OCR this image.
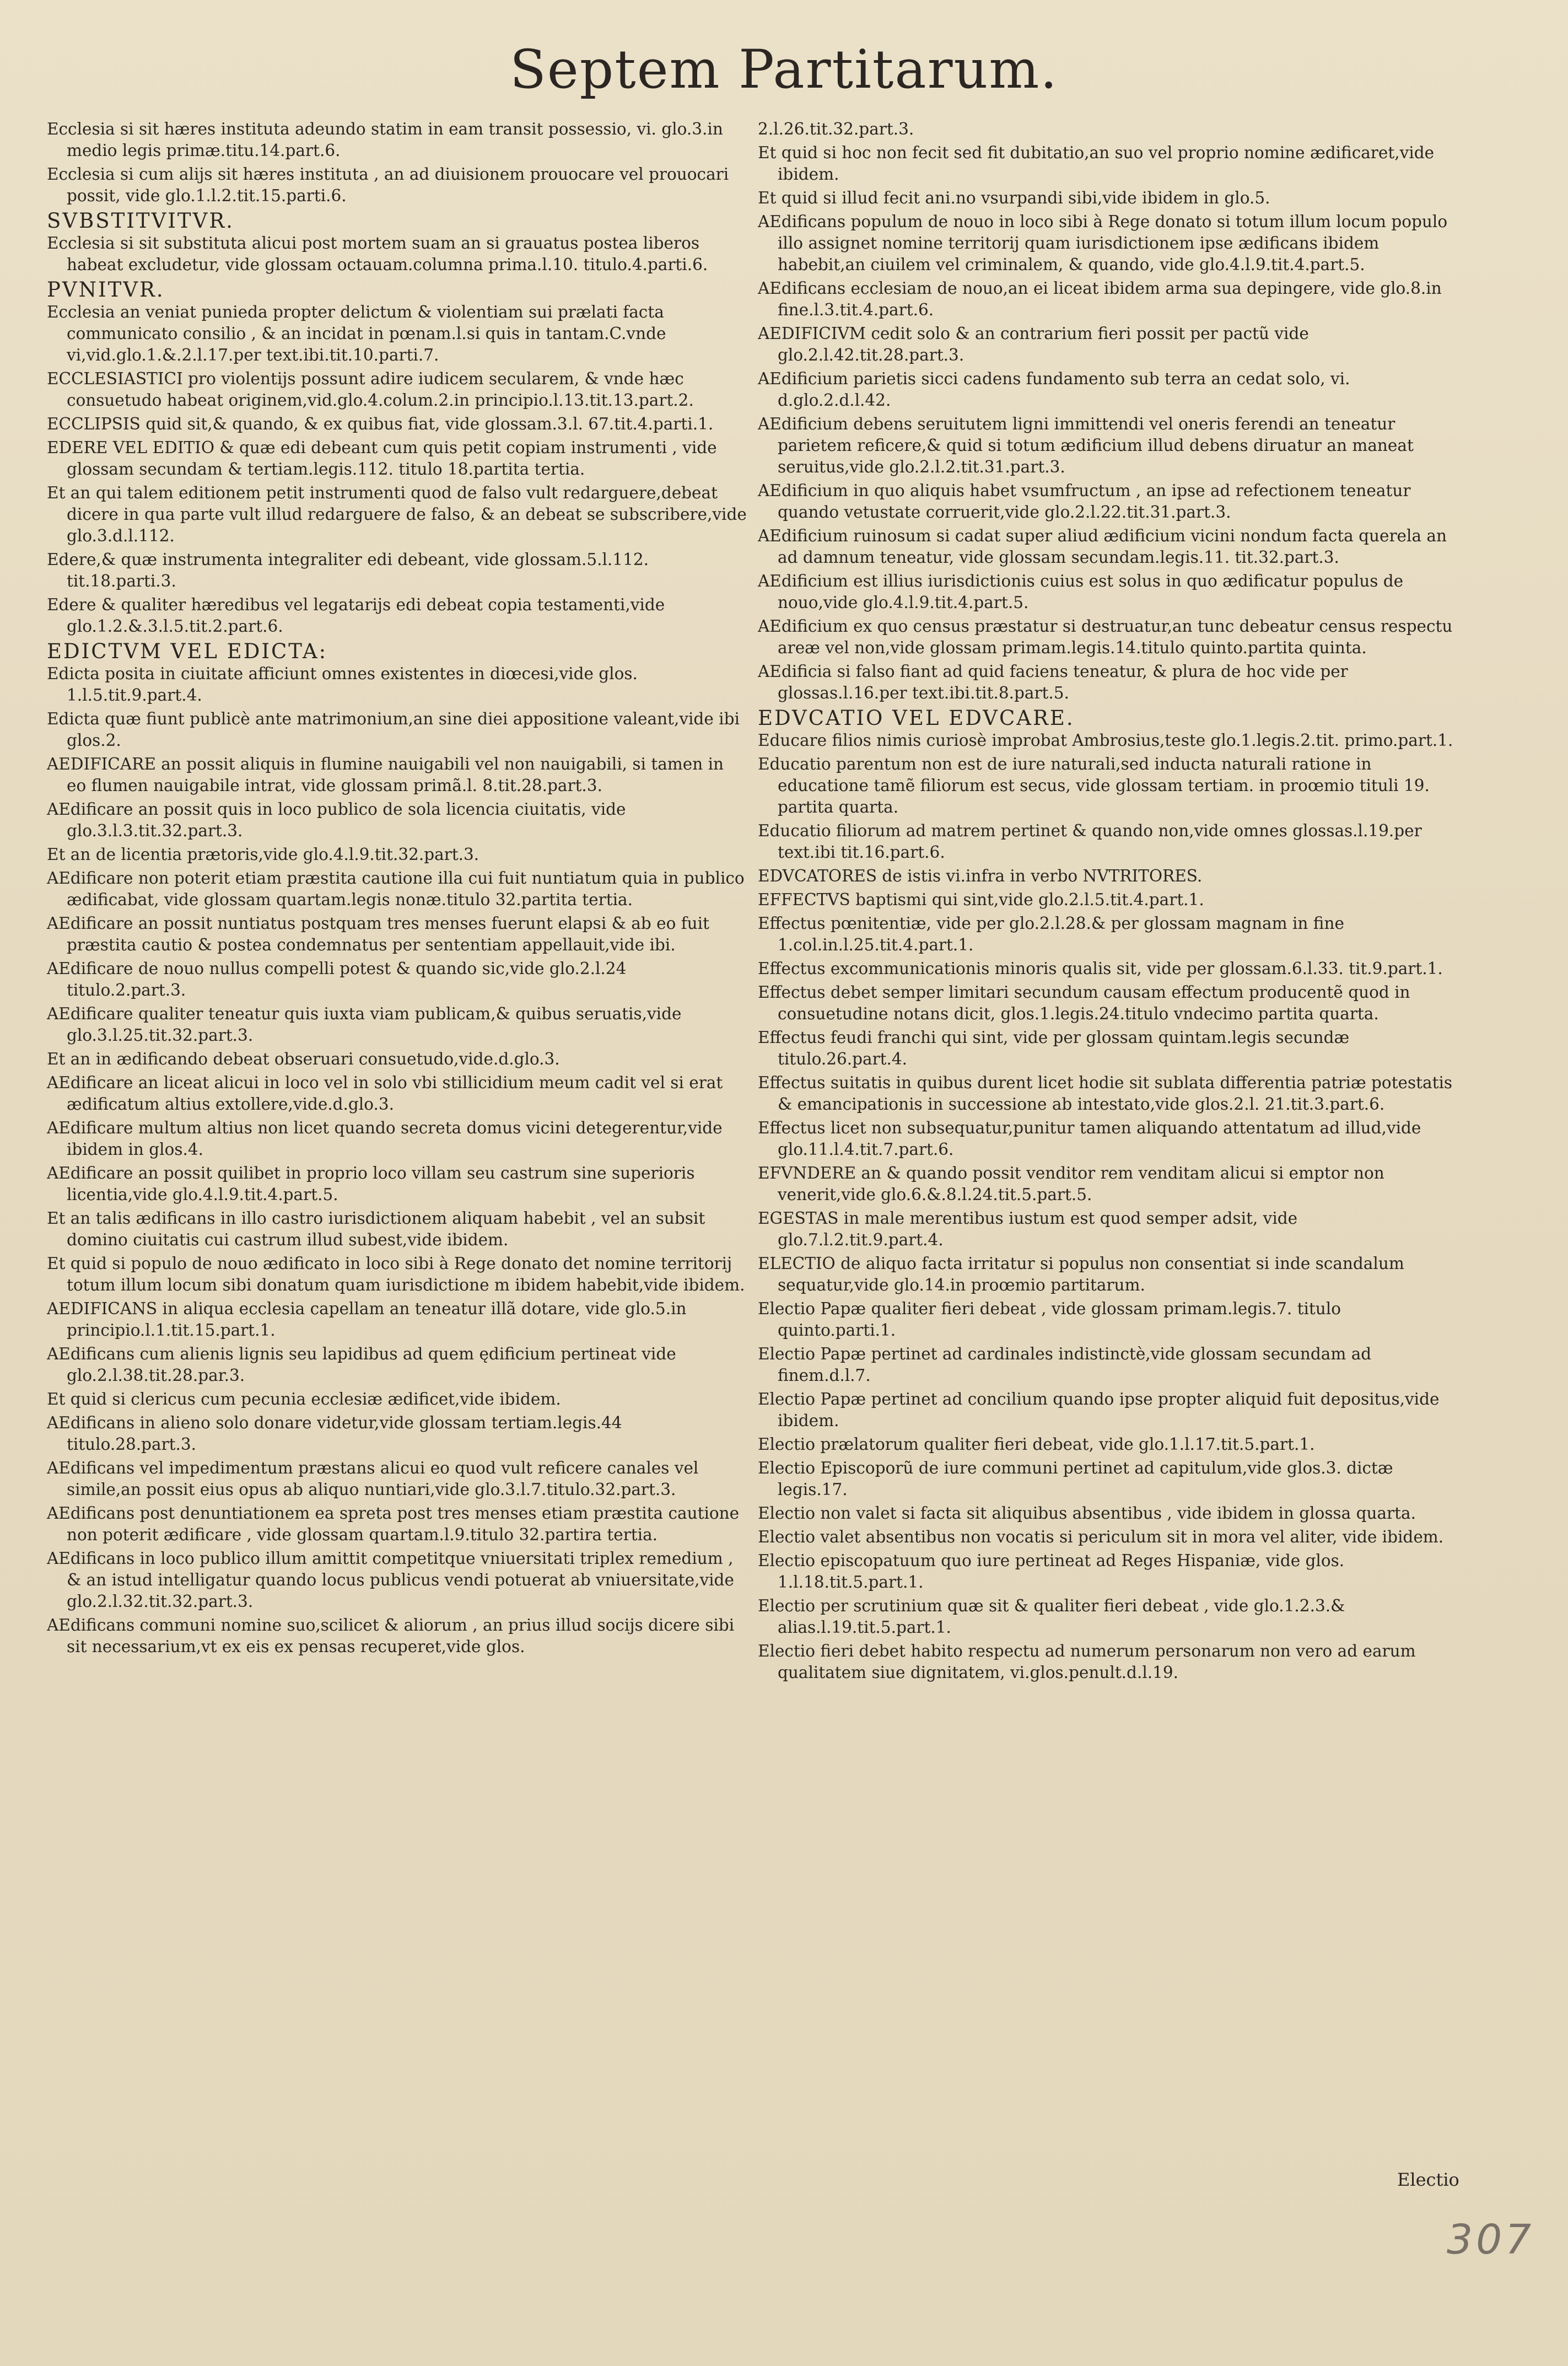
Septem Partitarum.

Ecclesia si sit hæres instituta adeundo statim in eam transit possessio, vi. glo.3.in medio legis primæ.titu.14.part.6.

Ecclesia si cum alijs sit hæres instituta , an ad diuisionem prouocare vel prouocari possit, vide glo.1.l.2.tit.15.parti.6.

SVBSTITVITVR.

Ecclesia si sit substituta alicui post mortem suam an si grauatus postea liberos habeat excludetur, vide glossam octauam.columna prima.l.10. titulo.4.parti.6.

PVNITVR.

Ecclesia an veniat punieda propter delictum & violentiam sui prælati facta communicato consilio , & an incidat in pœnam.l.si quis in tantam.C.vnde vi,vid.glo.1.&.2.l.17.per text.ibi.tit.10.parti.7.

ECCLESIASTICI pro violentijs possunt adire iudicem secularem, & vnde hæc consuetudo habeat originem,vid.glo.4.colum.2.in principio.l.13.tit.13.part.2.

ECCLIPSIS quid sit,& quando, & ex quibus fiat, vide glossam.3.l. 67.tit.4.parti.1.

EDERE VEL EDITIO & quæ edi debeant cum quis petit copiam instrumenti , vide glossam secundam & tertiam.legis.112. titulo 18.partita tertia.

Et an qui talem editionem petit instrumenti quod de falso vult redarguere,debeat dicere in qua parte vult illud redarguere de falso, & an debeat se subscribere,vide glo.3.d.l.112.

Edere,& quæ instrumenta integraliter edi debeant, vide glossam.5.l.112. tit.18.parti.3.

Edere & qualiter hæredibus vel legatarijs edi debeat copia testamenti,vide glo.1.2.&.3.l.5.tit.2.part.6.

EDICTVM VEL EDICTA:

Edicta posita in ciuitate afficiunt omnes existentes in diœcesi,vide glos. 1.l.5.tit.9.part.4.

Edicta quæ fiunt publicè ante matrimonium,an sine diei appositione valeant,vide ibi glos.2.

AEDIFICARE an possit aliquis in flumine nauigabili vel non nauigabili, si tamen in eo flumen nauigabile intrat, vide glossam primã.l. 8.tit.28.part.3.

AEdificare an possit quis in loco publico de sola licencia ciuitatis, vide glo.3.l.3.tit.32.part.3.

Et an de licentia prætoris,vide glo.4.l.9.tit.32.part.3.

AEdificare non poterit etiam præstita cautione illa cui fuit nuntiatum quia in publico ædificabat, vide glossam quartam.legis nonæ.titulo 32.partita tertia.

AEdificare an possit nuntiatus postquam tres menses fuerunt elapsi & ab eo fuit præstita cautio & postea condemnatus per sententiam appellauit,vide ibi.

AEdificare de nouo nullus compelli potest & quando sic,vide glo.2.l.24 titulo.2.part.3.

AEdificare qualiter teneatur quis iuxta viam publicam,& quibus seruatis,vide glo.3.l.25.tit.32.part.3.

Et an in ædificando debeat obseruari consuetudo,vide.d.glo.3.

AEdificare an liceat alicui in loco vel in solo vbi stillicidium meum cadit vel si erat ædificatum altius extollere,vide.d.glo.3.

AEdificare multum altius non licet quando secreta domus vicini detegerentur,vide ibidem in glos.4.

AEdificare an possit quilibet in proprio loco villam seu castrum sine superioris licentia,vide glo.4.l.9.tit.4.part.5.

Et an talis ædificans in illo castro iurisdictionem aliquam habebit , vel an subsit domino ciuitatis cui castrum illud subest,vide ibidem.

Et quid si populo de nouo ædificato in loco sibi à Rege donato det nomine territorij totum illum locum sibi donatum quam iurisdictione m ibidem habebit,vide ibidem.

AEDIFICANS in aliqua ecclesia capellam an teneatur illã dotare, vide glo.5.in principio.l.1.tit.15.part.1.

AEdificans cum alienis lignis seu lapidibus ad quem ędificium pertineat vide glo.2.l.38.tit.28.par.3.

Et quid si clericus cum pecunia ecclesiæ ædificet,vide ibidem.

AEdificans in alieno solo donare videtur,vide glossam tertiam.legis.44 titulo.28.part.3.

AEdificans vel impedimentum præstans alicui eo quod vult reficere canales vel simile,an possit eius opus ab aliquo nuntiari,vide glo.3.l.7.titulo.32.part.3.

AEdificans post denuntiationem ea spreta post tres menses etiam præstita cautione non poterit ædificare , vide glossam quartam.l.9.titulo 32.partira tertia.

AEdificans in loco publico illum amittit competitque vniuersitati triplex remedium , & an istud intelligatur quando locus publicus vendi potuerat ab vniuersitate,vide glo.2.l.32.tit.32.part.3.

AEdificans communi nomine suo,scilicet & aliorum , an prius illud socijs dicere sibi sit necessarium,vt ex eis ex pensas recuperet,vide glos.

2.l.26.tit.32.part.3.

Et quid si hoc non fecit sed fit dubitatio,an suo vel proprio nomine ædificaret,vide ibidem.

Et quid si illud fecit ani.no vsurpandi sibi,vide ibidem in glo.5.

AEdificans populum de nouo in loco sibi à Rege donato si totum illum locum populo illo assignet nomine territorij quam iurisdictionem ipse ædificans ibidem habebit,an ciuilem vel criminalem, & quando, vide glo.4.l.9.tit.4.part.5.

AEdificans ecclesiam de nouo,an ei liceat ibidem arma sua depingere, vide glo.8.in fine.l.3.tit.4.part.6.

AEDIFICIVM cedit solo & an contrarium fieri possit per pactũ vide glo.2.l.42.tit.28.part.3.

AEdificium parietis sicci cadens fundamento sub terra an cedat solo, vi. d.glo.2.d.l.42.

AEdificium debens seruitutem ligni immittendi vel oneris ferendi an teneatur parietem reficere,& quid si totum ædificium illud debens diruatur an maneat seruitus,vide glo.2.l.2.tit.31.part.3.

AEdificium in quo aliquis habet vsumfructum , an ipse ad refectionem teneatur quando vetustate corruerit,vide glo.2.l.22.tit.31.part.3.

AEdificium ruinosum si cadat super aliud ædificium vicini nondum facta querela an ad damnum teneatur, vide glossam secundam.legis.11. tit.32.part.3.

AEdificium est illius iurisdictionis cuius est solus in quo ædificatur populus de nouo,vide glo.4.l.9.tit.4.part.5.

AEdificium ex quo census præstatur si destruatur,an tunc debeatur census respectu areæ vel non,vide glossam primam.legis.14.titulo quinto.partita quinta.

AEdificia si falso fiant ad quid faciens teneatur, & plura de hoc vide per glossas.l.16.per text.ibi.tit.8.part.5.

EDVCATIO VEL EDVCARE.

Educare filios nimis curiosè improbat Ambrosius,teste glo.1.legis.2.tit. primo.part.1.

Educatio parentum non est de iure naturali,sed inducta naturali ratione in educatione tamẽ filiorum est secus, vide glossam tertiam. in proœmio tituli 19. partita quarta.

Educatio filiorum ad matrem pertinet & quando non,vide omnes glossas.l.19.per text.ibi tit.16.part.6.

EDVCATORES de istis vi.infra in verbo NVTRITORES.

EFFECTVS baptismi qui sint,vide glo.2.l.5.tit.4.part.1.

Effectus pœnitentiæ, vide per glo.2.l.28.& per glossam magnam in fine 1.col.in.l.25.tit.4.part.1.

Effectus excommunicationis minoris qualis sit, vide per glossam.6.l.33. tit.9.part.1.

Effectus debet semper limitari secundum causam effectum producentẽ quod in consuetudine notans dicit, glos.1.legis.24.titulo vndecimo partita quarta.

Effectus feudi franchi qui sint, vide per glossam quintam.legis secundæ titulo.26.part.4.

Effectus suitatis in quibus durent licet hodie sit sublata differentia patriæ potestatis & emancipationis in successione ab intestato,vide glos.2.l. 21.tit.3.part.6.

Effectus licet non subsequatur,punitur tamen aliquando attentatum ad illud,vide glo.11.l.4.tit.7.part.6.

EFVNDERE an & quando possit venditor rem venditam alicui si emptor non venerit,vide glo.6.&.8.l.24.tit.5.part.5.

EGESTAS in male merentibus iustum est quod semper adsit, vide glo.7.l.2.tit.9.part.4.

ELECTIO de aliquo facta irritatur si populus non consentiat si inde scandalum sequatur,vide glo.14.in proœmio partitarum.

Electio Papæ qualiter fieri debeat , vide glossam primam.legis.7. titulo quinto.parti.1.

Electio Papæ pertinet ad cardinales indistinctè,vide glossam secundam ad finem.d.l.7.

Electio Papæ pertinet ad concilium quando ipse propter aliquid fuit depositus,vide ibidem.

Electio prælatorum qualiter fieri debeat, vide glo.1.l.17.tit.5.part.1.

Electio Episcoporũ de iure communi pertinet ad capitulum,vide glos.3. dictæ legis.17.

Electio non valet si facta sit aliquibus absentibus , vide ibidem in glossa quarta.

Electio valet absentibus non vocatis si periculum sit in mora vel aliter, vide ibidem.

Electio episcopatuum quo iure pertineat ad Reges Hispaniæ, vide glos. 1.l.18.tit.5.part.1.

Electio per scrutinium quæ sit & qualiter fieri debeat , vide glo.1.2.3.& alias.l.19.tit.5.part.1.

Electio fieri debet habito respectu ad numerum personarum non vero ad earum qualitatem siue dignitatem, vi.glos.penult.d.l.19.

Electio
307
